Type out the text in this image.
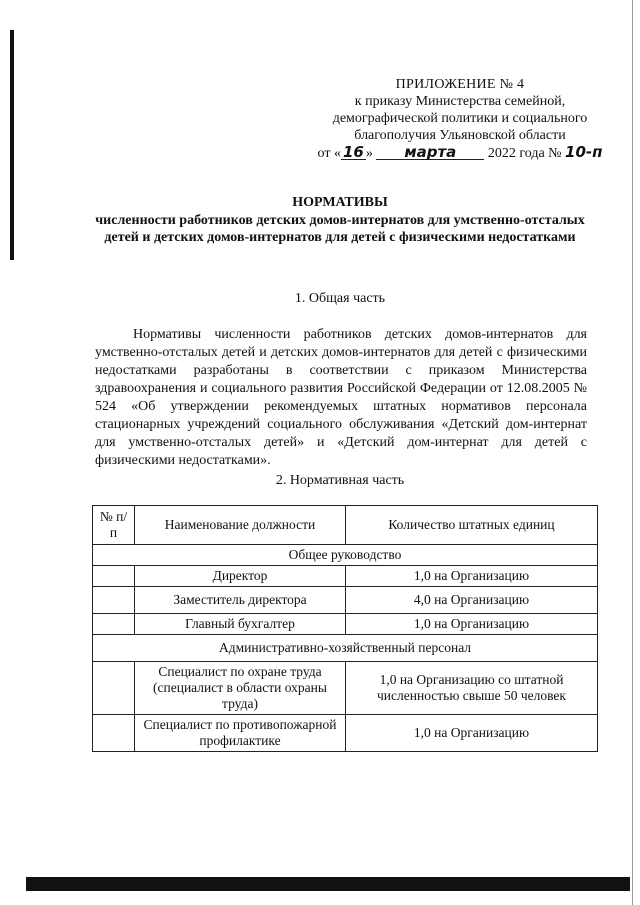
ПРИЛОЖЕНИЕ № 4
к приказу Министерства семейной,
демографической политики и социального
благополучия Ульяновской области
от « 16 » марта 2022 года № 10-п
НОРМАТИВЫ
численности работников детских домов-интернатов для умственно-отсталых детей и детских домов-интернатов для детей с физическими недостатками
1. Общая часть
Нормативы численности работников детских домов-интернатов для умственно-отсталых детей и детских домов-интернатов для детей с физическими недостатками разработаны в соответствии с приказом Министерства здравоохранения и социального развития Российской Федерации от 12.08.2005 № 524 «Об утверждении рекомендуемых штатных нормативов персонала стационарных учреждений социального обслуживания «Детский дом-интернат для умственно-отсталых детей» и «Детский дом-интернат для детей с физическими недостатками».
2. Нормативная часть
№ п/п	Наименование должности	Количество штатных единиц
Общее руководство		
	Директор	1,0 на Организацию
	Заместитель директора	4,0 на Организацию
	Главный бухгалтер	1,0 на Организацию
Административно-хозяйственный персонал		
	Специалист по охране труда (специалист в области охраны труда)	1,0 на Организацию со штатной численностью свыше 50 человек
	Специалист по противопожарной профилактике	1,0 на Организацию
